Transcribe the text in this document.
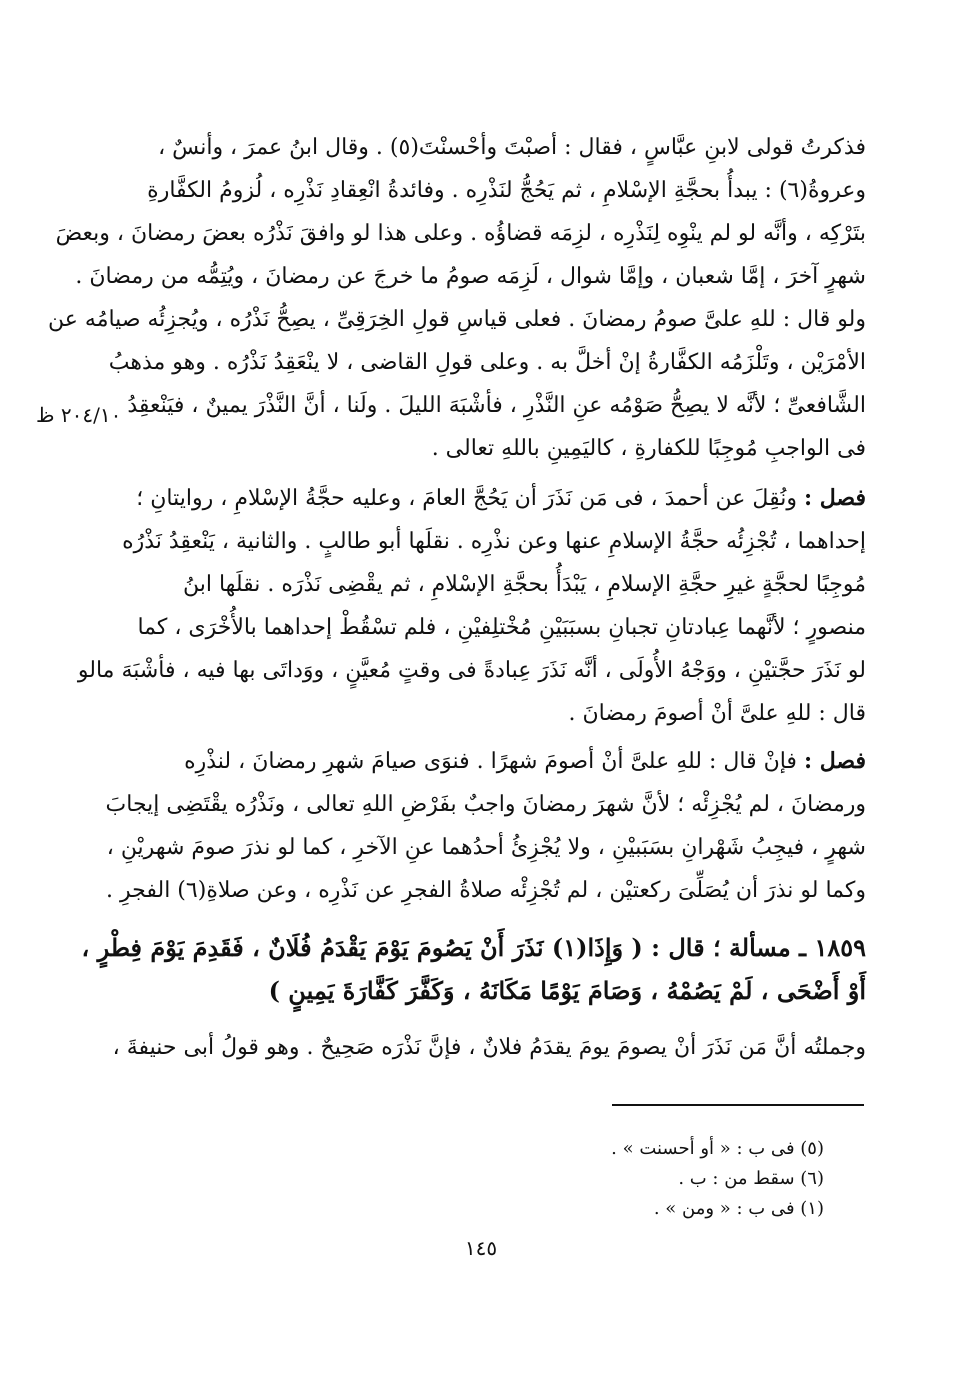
فذكرتُ قولى لابنِ عبَّاسٍ ، فقال : أصبْتَ وأحْسنْتَ(٥) . وقال ابنُ عمرَ ، وأنسٌ ،
وعروةُ(٦) : يبدأُ بحجَّةِ الإسْلامِ ، ثم يَحُجُّ لنَذْرِه . وفائدةُ انْعِقادِ نَذْرِه ، لُزومُ الكفَّارةِ
بتَرْكِه ، وأنَّه لو لم ينْوِه لِنَذْرِه ، لزِمَه قضاؤُه . وعلى هذا لو وافقَ نَذْرُه بعضَ رمضانَ ، وبعضَ
شهرٍ آخرَ ، إمَّا شعبان ، وإمَّا شوال ، لَزِمَه صومُ ما خرجَ عن رمضانَ ، ويُتِمُّه من رمضانَ .
ولو قال : للهِ علىَّ صومُ رمضانَ . فعلى قياسِ قولِ الخِرَقِىِّ ، يصِحُّ نَذْرُه ، ويُجزِئُه صيامُه عن
الأمْرَيْن ، وتَلْزَمُه الكفَّارةُ إنْ أخلَّ به . وعلى قولِ القاضى ، لا ينْعَقِدُ نَذْرُه . وهو مذهبُ
الشَّافعىِّ ؛ لأنَّه لا يصِحُّ صَوْمُه عنِ النَّذْرِ ، فأشْبَهَ الليلَ . ولَنا ، أنَّ النَّذْرَ يمينٌ ، فيَنْعقِدُ
فى الواجبِ مُوجِبًا للكفارةِ ، كاليَمِينِ باللهِ تعالى .
٢٠٤/١٠ ظ
فصل : ونُقِلَ عن أحمدَ ، فى مَن نَذَرَ أن يَحُجَّ العامَ ، وعليه حجَّةُ الإسْلامِ ، روايتانِ ؛
إحداهما ، تُجْزِئُه حجَّةُ الإسلامِ عنها وعن نذْرِه . نقلَها أبو طالبٍ . والثانية ، يَنْعقِدُ نَذْرُه
مُوجِبًا لحجَّةٍ غيرِ حجَّةِ الإسلامِ ، يَبْدَأُ بحجَّةِ الإسْلامِ ، ثم يقْضِى نَذْرَه . نقلَها ابنُ
منصورٍ ؛ لأنَّهما عِبادتانِ تجبانِ بسبَبَيْنِ مُخْتلِفيْنِ ، فلم تسْقُطْ إحداهما بالأُخْرَى ، كما
لو نَذَرَ حجَّتيْنِ ، ووَجْهُ الأُولَى ، أنَّه نَذَرَ عِبادةً فى وقتٍ مُعيَّنٍ ، ووَداتَى بها فيه ، فأشْبَهَ مالو
قال : للهِ علىَّ أنْ أصومَ رمضانَ .
فصل : فإنْ قال : للهِ علىَّ أنْ أصومَ شهرًا . فنوَى صيامَ شهرِ رمضانَ ، لنذْرِه
ورمضانَ ، لم يُجْزِئْه ؛ لأنَّ شهرَ رمضانَ واجبٌ بفَرْضِ اللهِ تعالى ، ونَذْرُه يقْتَضِى إيجابَ
شهرٍ ، فيجِبُ شَهْرانِ بسَبَبيْنِ ، ولا يُجْزِئُ أحدُهما عنِ الآخرِ ، كما لو نذرَ صومَ شهريْنِ ،
وكما لو نذرَ أن يُصَلِّىَ ركعتيْن ، لم تُجْزِئْه صلاةُ الفجرِ عن نَذْرِه ، وعن صلاةِ(٦) الفجرِ .
١٨٥٩ ـ مسألة ؛ قال : ( وَإِذَا(١) نَذَرَ أَنْ يَصُومَ يَوْمَ يَقْدَمُ فُلَانٌ ، فَقَدِمَ يَوْمَ فِطْرٍ ،
أَوْ أَضْحَى ، لَمْ يَصُمْهُ ، وَصَامَ يَوْمًا مَكَانَهُ ، وَكَفَّرَ كَفَّارَةَ يَمِينٍ )
وجملتُه أنَّ مَن نَذَرَ أنْ يصومَ يومَ يقدَمُ فلانٌ ، فإنَّ نَذْرَه صَحِيحٌ . وهو قولُ أبى حنيفةَ ،
(٥) فى ب : « أو أحسنت » .
(٦) سقط من : ب .
(١) فى ب : « ومن » .
١٤٥
